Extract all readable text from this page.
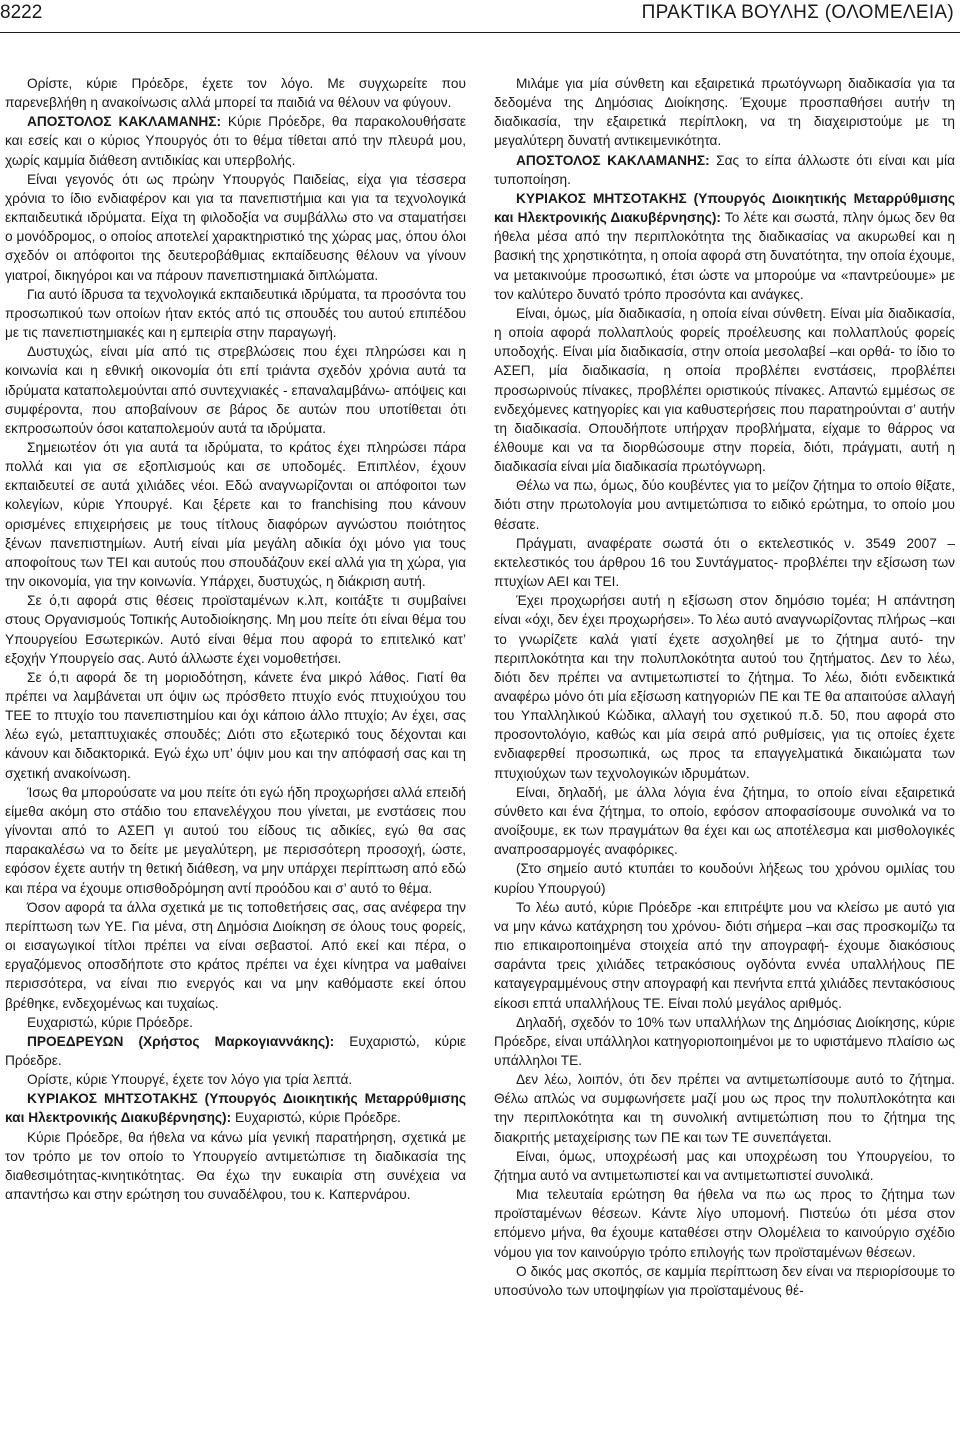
8222	ΠΡΑΚΤΙΚΑ ΒΟΥΛΗΣ (ΟΛΟΜΕΛΕΙΑ)

Ορίστε, κύριε Πρόεδρε, έχετε τον λόγο. Με συγχωρείτε που παρενεβλήθη η ανακοίνωσις αλλά μπορεί τα παιδιά να θέλουν να φύγουν.

ΑΠΟΣΤΟΛΟΣ ΚΑΚΛΑΜΑΝΗΣ: Κύριε Πρόεδρε, θα παρακολουθήσατε και εσείς και ο κύριος Υπουργός ότι το θέμα τίθεται από την πλευρά μου, χωρίς καμμία διάθεση αντιδικίας και υπερβολής.

Είναι γεγονός ότι ως πρώην Υπουργός Παιδείας, είχα για τέσσερα χρόνια το ίδιο ενδιαφέρον και για τα πανεπιστήμια και για τα τεχνολογικά εκπαιδευτικά ιδρύματα. Είχα τη φιλοδοξία να συμβάλλω στο να σταματήσει ο μονόδρομος, ο οποίος αποτελεί χαρακτηριστικό της χώρας μας, όπου όλοι σχεδόν οι απόφοιτοι της δευτεροβάθμιας εκπαίδευσης θέλουν να γίνουν γιατροί, δικηγόροι και να πάρουν πανεπιστημιακά διπλώματα.

Για αυτό ίδρυσα τα τεχνολογικά εκπαιδευτικά ιδρύματα, τα προσόντα του προσωπικού των οποίων ήταν εκτός από τις σπουδές του αυτού επιπέδου με τις πανεπιστημιακές και η εμπειρία στην παραγωγή.

Δυστυχώς, είναι μία από τις στρεβλώσεις που έχει πληρώσει και η κοινωνία και η εθνική οικονομία ότι επί τριάντα σχεδόν χρόνια αυτά τα ιδρύματα καταπολεμούνται από συντεχνιακές - επαναλαμβάνω- απόψεις και συμφέροντα, που αποβαίνουν σε βάρος δε αυτών που υποτίθεται ότι εκπροσωπούν όσοι καταπολεμούν αυτά τα ιδρύματα.

Σημειωτέον ότι για αυτά τα ιδρύματα, το κράτος έχει πληρώσει πάρα πολλά και για σε εξοπλισμούς και σε υποδομές. Επιπλέον, έχουν εκπαιδευτεί σε αυτά χιλιάδες νέοι. Εδώ αναγνωρίζονται οι απόφοιτοι των κολεγίων, κύριε Υπουργέ. Και ξέρετε και το franchising που κάνουν ορισμένες επιχειρήσεις με τους τίτλους διαφόρων αγνώστου ποιότητος ξένων πανεπιστημίων. Αυτή είναι μία μεγάλη αδικία όχι μόνο για τους αποφοίτους των ΤΕΙ και αυτούς που σπουδάζουν εκεί αλλά για τη χώρα, για την οικονομία, για την κοινωνία. Υπάρχει, δυστυχώς, η διάκριση αυτή.

Σε ό,τι αφορά στις θέσεις προϊσταμένων κ.λπ, κοιτάξτε τι συμβαίνει στους Οργανισμούς Τοπικής Αυτοδιοίκησης. Μη μου πείτε ότι είναι θέμα του Υπουργείου Εσωτερικών. Αυτό είναι θέμα που αφορά το επιτελικό κατ’ εξοχήν Υπουργείο σας. Αυτό άλλωστε έχει νομοθετήσει.

Σε ό,τι αφορά δε τη μοριοδότηση, κάνετε ένα μικρό λάθος. Γιατί θα πρέπει να λαμβάνεται υπ όψιν ως πρόσθετο πτυχίο ενός πτυχιούχου του ΤΕΕ το πτυχίο του πανεπιστημίου και όχι κάποιο άλλο πτυχίο; Αν έχει, σας λέω εγώ, μεταπτυχιακές σπουδές; Διότι στο εξωτερικό τους δέχονται και κάνουν και διδακτορικά. Εγώ έχω υπ’ όψιν μου και την απόφασή σας και τη σχετική ανακοίνωση.

Ίσως θα μπορούσατε να μου πείτε ότι εγώ ήδη προχωρήσει αλλά επειδή είμεθα ακόμη στο στάδιο του επανελέγχου που γίνεται, με ενστάσεις που γίνονται από το ΑΣΕΠ γι αυτού του είδους τις αδικίες, εγώ θα σας παρακαλέσω να το δείτε με μεγαλύτερη, με περισσότερη προσοχή, ώστε, εφόσον έχετε αυτήν τη θετική διάθεση, να μην υπάρχει περίπτωση από εδώ και πέρα να έχουμε οπισθοδρόμηση αντί προόδου και σ’ αυτό το θέμα.

Όσον αφορά τα άλλα σχετικά με τις τοποθετήσεις σας, σας ανέφερα την περίπτωση των ΥΕ. Για μένα, στη Δημόσια Διοίκηση σε όλους τους φορείς, οι εισαγωγικοί τίτλοι πρέπει να είναι σεβαστοί. Από εκεί και πέρα, ο εργαζόμενος οποσδήποτε στο κράτος πρέπει να έχει κίνητρα να μαθαίνει περισσότερα, να είναι πιο ενεργός και να μην καθόμαστε εκεί όπου βρέθηκε, ενδεχομένως και τυχαίως.

Ευχαριστώ, κύριε Πρόεδρε.

ΠΡΟΕΔΡΕΥΩΝ (Χρήστος Μαρκογιαννάκης): Ευχαριστώ, κύριε Πρόεδρε.

Ορίστε, κύριε Υπουργέ, έχετε τον λόγο για τρία λεπτά.

ΚΥΡΙΑΚΟΣ ΜΗΤΣΟΤΑΚΗΣ (Υπουργός Διοικητικής Μεταρρύθμισης και Ηλεκτρονικής Διακυβέρνησης): Ευχαριστώ, κύριε Πρόεδρε.

Κύριε Πρόεδρε, θα ήθελα να κάνω μία γενική παρατήρηση, σχετικά με τον τρόπο με τον οποίο το Υπουργείο αντιμετώπισε τη διαδικασία της διαθεσιμότητας-κινητικότητας. Θα έχω την ευκαιρία στη συνέχεια να απαντήσω και στην ερώτηση του συναδέλφου, του κ. Καπερνάρου.

Μιλάμε για μία σύνθετη και εξαιρετικά πρωτόγνωρη διαδικασία για τα δεδομένα της Δημόσιας Διοίκησης. Έχουμε προσπαθήσει αυτήν τη διαδικασία, την εξαιρετικά περίπλοκη, να τη διαχειριστούμε με τη μεγαλύτερη δυνατή αντικειμενικότητα.

ΑΠΟΣΤΟΛΟΣ ΚΑΚΛΑΜΑΝΗΣ: Σας το είπα άλλωστε ότι είναι και μία τυποποίηση.

ΚΥΡΙΑΚΟΣ ΜΗΤΣΟΤΑΚΗΣ (Υπουργός Διοικητικής Μεταρρύθμισης και Ηλεκτρονικής Διακυβέρνησης): Το λέτε και σωστά, πλην όμως δεν θα ήθελα μέσα από την περιπλοκότητα της διαδικασίας να ακυρωθεί και η βασική της χρηστικότητα, η οποία αφορά στη δυνατότητα, την οποία έχουμε, να μετακινούμε προσωπικό, έτσι ώστε να μπορούμε να «παντρεύουμε» με τον καλύτερο δυνατό τρόπο προσόντα και ανάγκες.

Είναι, όμως, μία διαδικασία, η οποία είναι σύνθετη. Είναι μία διαδικασία, η οποία αφορά πολλαπλούς φορείς προέλευσης και πολλαπλούς φορείς υποδοχής. Είναι μία διαδικασία, στην οποία μεσολαβεί –και ορθά- το ίδιο το ΑΣΕΠ, μία διαδικασία, η οποία προβλέπει ενστάσεις, προβλέπει προσωρινούς πίνακες, προβλέπει οριστικούς πίνακες. Απαντώ εμμέσως σε ενδεχόμενες κατηγορίες και για καθυστερήσεις που παρατηρούνται σ’ αυτήν τη διαδικασία. Οπουδήποτε υπήρχαν προβλήματα, είχαμε το θάρρος να έλθουμε και να τα διορθώσουμε στην πορεία, διότι, πράγματι, αυτή η διαδικασία είναι μία διαδικασία πρωτόγνωρη.

Θέλω να πω, όμως, δύο κουβέντες για το μείζον ζήτημα το οποίο θίξατε, διότι στην πρωτολογία μου αντιμετώπισα το ειδικό ερώτημα, το οποίο μου θέσατε.

Πράγματι, αναφέρατε σωστά ότι ο εκτελεστικός ν. 3549 2007 –εκτελεστικός του άρθρου 16 του Συντάγματος- προβλέπει την εξίσωση των πτυχίων ΑΕΙ και ΤΕΙ.

Έχει προχωρήσει αυτή η εξίσωση στον δημόσιο τομέα; Η απάντηση είναι «όχι, δεν έχει προχωρήσει». Το λέω αυτό αναγνωρίζοντας πλήρως –και το γνωρίζετε καλά γιατί έχετε ασχοληθεί με το ζήτημα αυτό- την περιπλοκότητα και την πολυπλοκότητα αυτού του ζητήματος. Δεν το λέω, διότι δεν πρέπει να αντιμετωπιστεί το ζήτημα. Το λέω, διότι ενδεικτικά αναφέρω μόνο ότι μία εξίσωση κατηγοριών ΠΕ και ΤΕ θα απαιτούσε αλλαγή του Υπαλληλικού Κώδικα, αλλαγή του σχετικού π.δ. 50, που αφορά στο προσοντολόγιο, καθώς και μία σειρά από ρυθμίσεις, για τις οποίες έχετε ενδιαφερθεί προσωπικά, ως προς τα επαγγελματικά δικαιώματα των πτυχιούχων των τεχνολογικών ιδρυμάτων.

Είναι, δηλαδή, με άλλα λόγια ένα ζήτημα, το οποίο είναι εξαιρετικά σύνθετο και ένα ζήτημα, το οποίο, εφόσον αποφασίσουμε συνολικά να το ανοίξουμε, εκ των πραγμάτων θα έχει και ως αποτέλεσμα και μισθολογικές αναπροσαρμογές αναφόρικες.

(Στο σημείο αυτό κτυπάει το κουδούνι λήξεως του χρόνου ομιλίας του κυρίου Υπουργού)

Το λέω αυτό, κύριε Πρόεδρε -και επιτρέψτε μου να κλείσω με αυτό για να μην κάνω κατάχρηση του χρόνου- διότι σήμερα –και σας προσκομίζω τα πιο επικαιροποιημένα στοιχεία από την απογραφή- έχουμε διακόσιους σαράντα τρεις χιλιάδες τετρακόσιους ογδόντα εννέα υπαλλήλους ΠΕ καταγεγραμμένους στην απογραφή και πενήντα επτά χιλιάδες πεντακόσιους είκοσι επτά υπαλλήλους ΤΕ. Είναι πολύ μεγάλος αριθμός.

Δηλαδή, σχεδόν το 10% των υπαλλήλων της Δημόσιας Διοίκησης, κύριε Πρόεδρε, είναι υπάλληλοι κατηγοριοποιημένοι με το υφιστάμενο πλαίσιο ως υπάλληλοι ΤΕ.

Δεν λέω, λοιπόν, ότι δεν πρέπει να αντιμετωπίσουμε αυτό το ζήτημα. Θέλω απλώς να συμφωνήσετε μαζί μου ως προς την πολυπλοκότητα και την περιπλοκότητα και τη συνολική αντιμετώπιση που το ζήτημα της διακριτής μεταχείρισης των ΠΕ και των ΤΕ συνεπάγεται.

Είναι, όμως, υποχρέωσή μας και υποχρέωση του Υπουργείου, το ζήτημα αυτό να αντιμετωπιστεί και να αντιμετωπιστεί συνολικά.

Μια τελευταία ερώτηση θα ήθελα να πω ως προς το ζήτημα των προϊσταμένων θέσεων. Κάντε λίγο υπομονή. Πιστεύω ότι μέσα στον επόμενο μήνα, θα έχουμε καταθέσει στην Ολομέλεια το καινούργιο σχέδιο νόμου για τον καινούργιο τρόπο επιλογής των προϊσταμένων θέσεων.

Ο δικός μας σκοπός, σε καμμία περίπτωση δεν είναι να περιορίσουμε το υποσύνολο των υποψηφίων για προϊσταμένους θέ-
